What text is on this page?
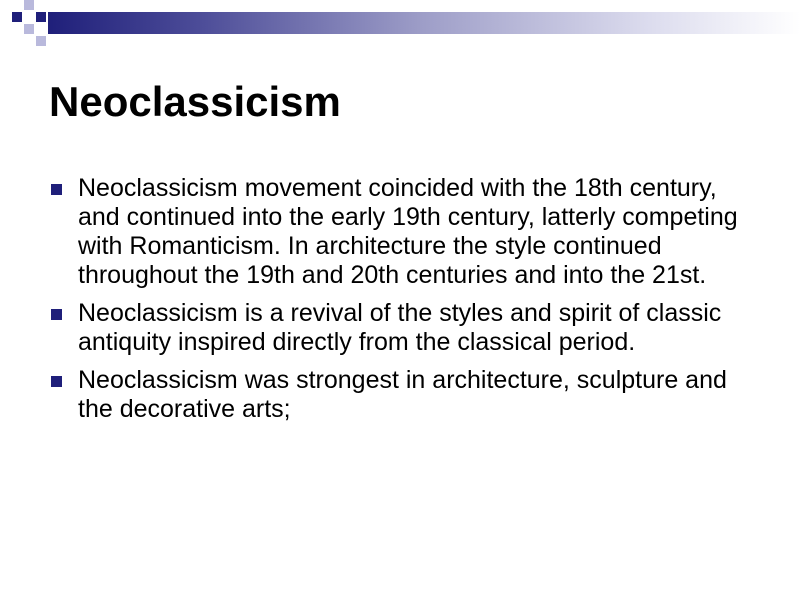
Neoclassicism
Neoclassicism movement coincided with the 18th century, and continued into the early 19th century, latterly competing with Romanticism. In architecture the style continued throughout the 19th and 20th centuries and into the 21st.
Neoclassicism is a revival of the styles and spirit of classic antiquity inspired directly from the classical period.
Neoclassicism was strongest in architecture, sculpture and the decorative arts;
